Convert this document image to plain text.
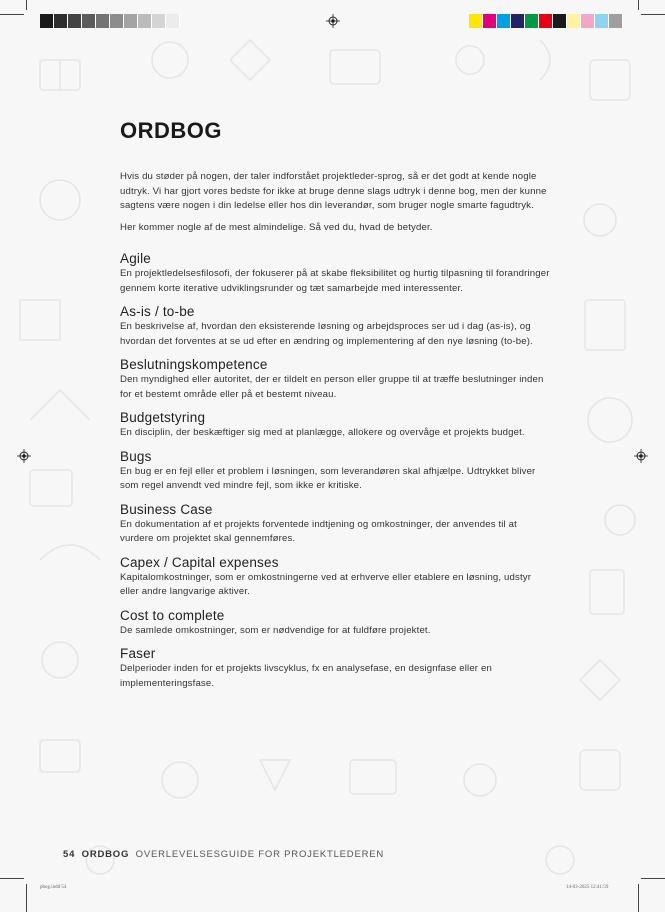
ORDBOG

Hvis du støder på nogen, der taler indforstået projektleder-sprog, så er det godt at kende nogle udtryk. Vi har gjort vores bedste for ikke at bruge denne slags udtryk i denne bog, men der kunne sagtens være nogen i din ledelse eller hos din leverandør, som bruger nogle smarte fagudtryk.

Her kommer nogle af de mest almindelige. Så ved du, hvad de betyder.

Agile

En projektledelsesfilosofi, der fokuserer på at skabe fleksibilitet og hurtig tilpasning til forandringer gennem korte iterative udviklingsrunder og tæt samarbejde med interessenter.

As-is / to-be

En beskrivelse af, hvordan den eksisterende løsning og arbejdsproces ser ud i dag (as-is), og hvordan det forventes at se ud efter en ændring og implementering af den nye løsning (to-be).

Beslutningskompetence

Den myndighed eller autoritet, der er tildelt en person eller gruppe til at træffe beslutninger inden for et bestemt område eller på et bestemt niveau.

Budgetstyring

En disciplin, der beskæftiger sig med at planlægge, allokere og overvåge et projekts budget.

Bugs

En bug er en fejl eller et problem i løsningen, som leverandøren skal afhjælpe. Udtrykket bliver som regel anvendt ved mindre fejl, som ikke er kritiske.

Business Case

En dokumentation af et projekts forventede indtjening og omkostninger, der anvendes til at vurdere om projektet skal gennemføres.

Capex / Capital expenses

Kapitalomkostninger, som er omkostningerne ved at erhverve eller etablere en løsning, udstyr eller andre langvarige aktiver.

Cost to complete

De samlede omkostninger, som er nødvendige for at fuldføre projektet.

Faser

Delperioder inden for et projekts livscyklus, fx en analysefase, en designfase eller en implementeringsfase.

54 ORDBOG OVERLEVELSESGUIDE FOR PROJEKTLEDEREN
pbog.indd 54	14-03-2025 12:41:59
